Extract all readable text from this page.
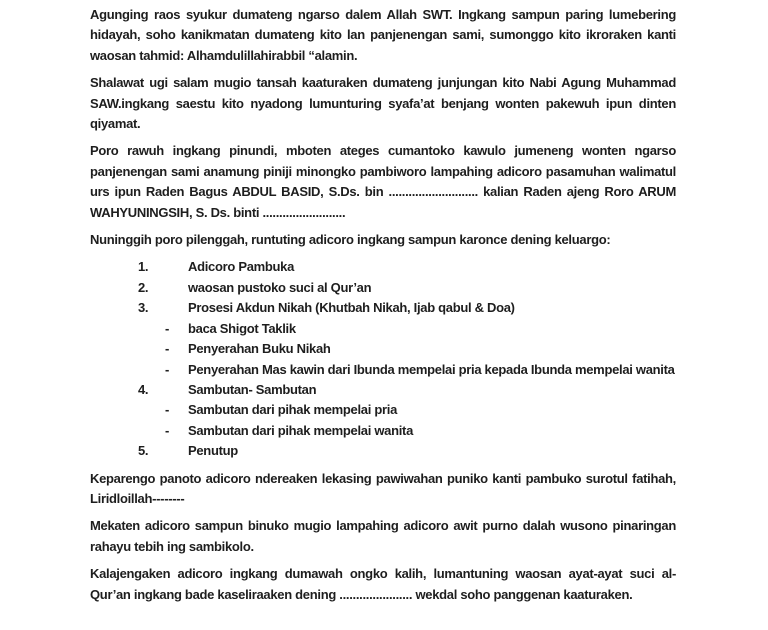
Agunging raos syukur dumateng ngarso dalem Allah SWT. Ingkang sampun paring lumebering hidayah, soho kanikmatan dumateng kito lan panjenengan sami, sumonggo kito ikroraken kanti waosan tahmid: Alhamdulillahirabbil “alamin.

Shalawat ugi salam mugio tansah kaaturaken dumateng junjungan kito Nabi Agung Muhammad SAW.ingkang saestu kito nyadong lumunturing syafa’at benjang wonten pakewuh ipun dinten qiyamat.

Poro rawuh ingkang pinundi, mboten ateges cumantoko kawulo jumeneng wonten ngarso panjenengan sami anamung piniji minongko pambiworo lampahing adicoro pasamuhan walimatul urs ipun Raden Bagus ABDUL BASID, S.Ds. bin ........................... kalian Raden ajeng Roro ARUM WAHYUNINGSIH, S. Ds. binti .........................

Nuninggih poro pilenggah, runtuting adicoro ingkang sampun karonce dening keluargo:

1.	Adicoro Pambuka
2.	waosan pustoko suci al Qur’an
3.	Prosesi Akdun Nikah (Khutbah Nikah, Ijab qabul & Doa)
-	baca Shigot Taklik
-	Penyerahan Buku Nikah
-	Penyerahan Mas kawin dari Ibunda mempelai pria kepada Ibunda mempelai wanita
4.	Sambutan- Sambutan
-	Sambutan dari pihak mempelai pria
-	Sambutan dari pihak mempelai wanita
5.	Penutup

Keparengo panoto adicoro ndereaken lekasing pawiwahan puniko kanti pambuko surotul fatihah, Liridloillah--------

Mekaten adicoro sampun binuko mugio lampahing adicoro awit purno dalah wusono pinaringan rahayu tebih ing sambikolo.

Kalajengaken adicoro ingkang dumawah ongko kalih, lumantuning waosan ayat-ayat suci al-Qur’an ingkang bade kaseliraaken dening ...................... wekdal soho panggenan kaaturaken.
